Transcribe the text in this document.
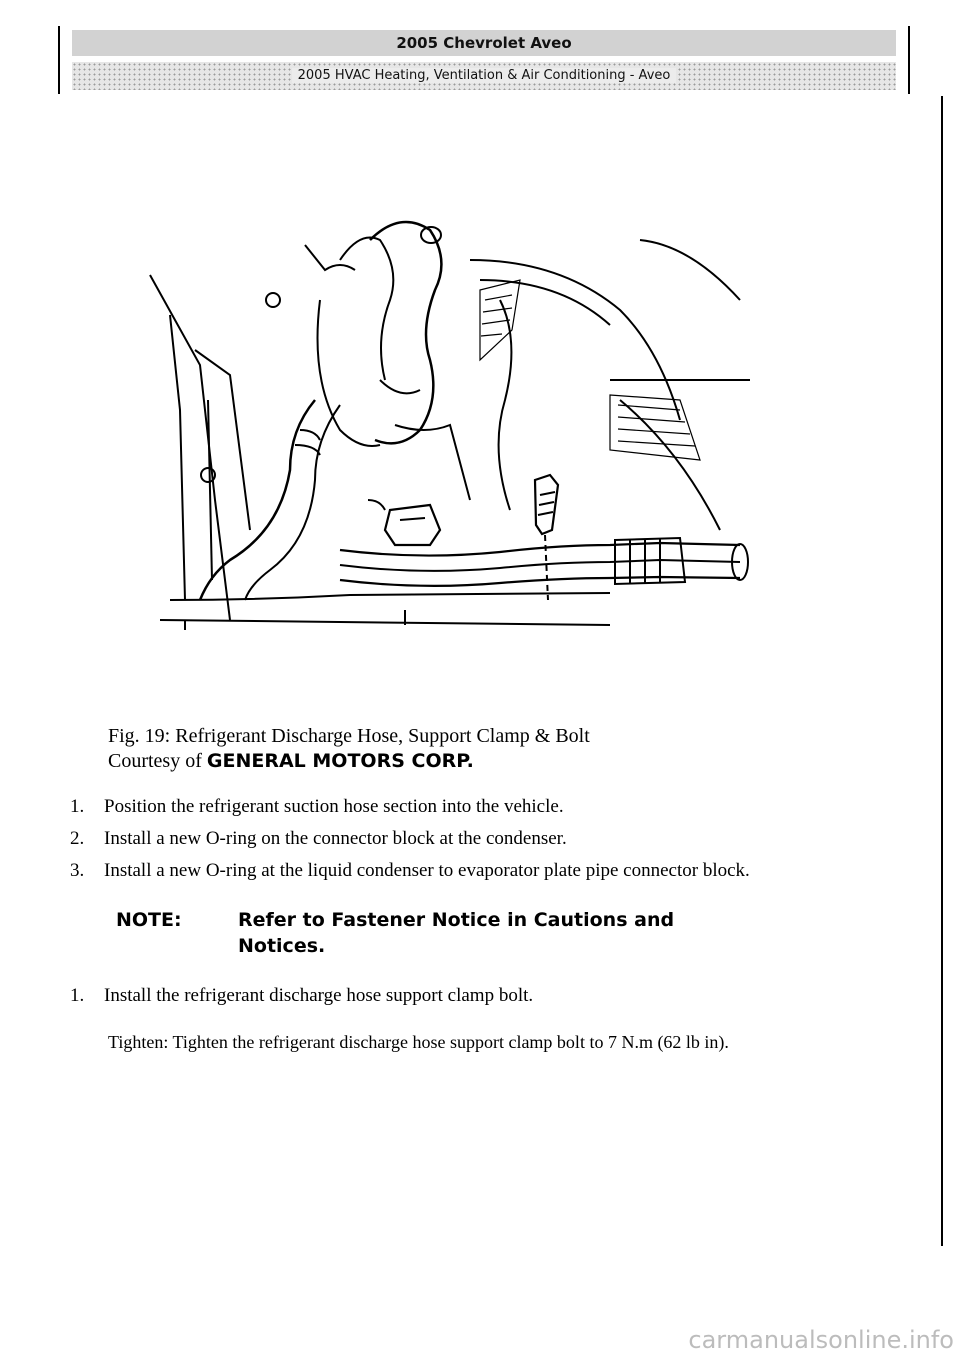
2005 Chevrolet Aveo
2005 HVAC Heating, Ventilation & Air Conditioning - Aveo
Fig. 19: Refrigerant Discharge Hose, Support Clamp & Bolt
Courtesy of GENERAL MOTORS CORP.
1. Position the refrigerant suction hose section into the vehicle.
2. Install a new O-ring on the connector block at the condenser.
3. Install a new O-ring at the liquid condenser to evaporator plate pipe connector block.
NOTE:	Refer to Fastener Notice in Cautions and Notices.
1. Install the refrigerant discharge hose support clamp bolt.
Tighten: Tighten the refrigerant discharge hose support clamp bolt to 7 N.m (62 lb in).
carmanualsonline.info
